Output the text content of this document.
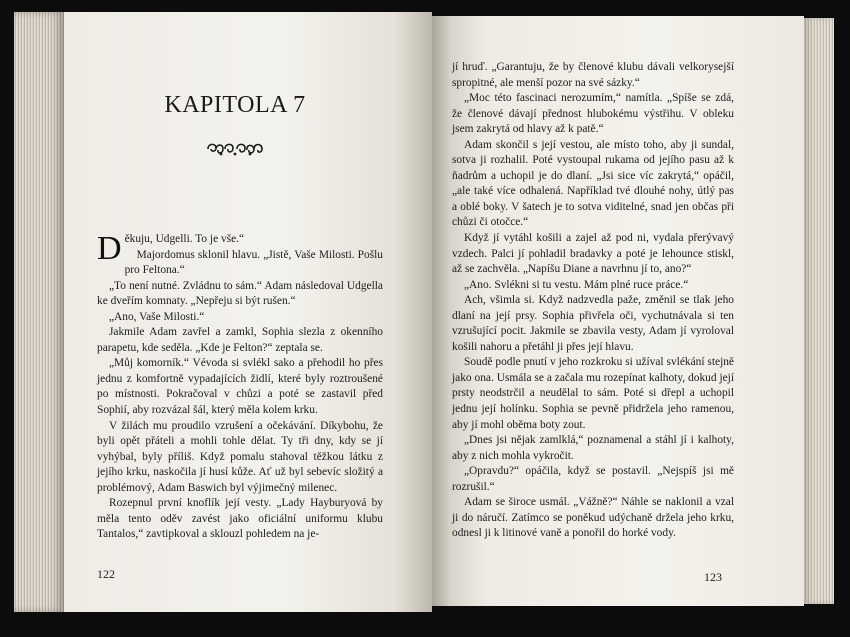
KAPITOLA 7

Děkuju, Udgelli. To je vše.“

Majordomus sklonil hlavu. „Jistě, Vaše Milosti. Pošlu pro Feltona.“

„To není nutné. Zvládnu to sám.“ Adam následoval Udgella ke dveřím komnaty. „Nepřeju si být rušen.“

„Ano, Vaše Milosti.“

Jakmile Adam zavřel a zamkl, Sophia slezla z okenního parapetu, kde seděla. „Kde je Felton?“ zeptala se.

„Můj komorník.“ Vévoda si svlékl sako a přehodil ho přes jednu z komfortně vypadajících židlí, které byly roztroušené po místnosti. Pokračoval v chůzi a poté se zastavil před Sophií, aby rozvázal šál, který měla kolem krku.

V žilách mu proudilo vzrušení a očekávání. Díkybohu, že byli opět přáteli a mohli tohle dělat. Ty tři dny, kdy se jí vyhýbal, byly příliš. Když pomalu stahoval těžkou látku z jejího krku, naskočila jí husí kůže. Ať už byl sebevíc složitý a problémový, Adam Baswich byl výjimečný milenec.

Rozepnul první knoflík její vesty. „Lady Hayburyová by měla tento oděv zavést jako oficiální uniformu klubu Tantalos,“ zavtipkoval a sklouzl pohledem na je-

122

jí hruď. „Garantuju, že by členové klubu dávali velkorysejší spropitné, ale menší pozor na své sázky.“

„Moc této fascinaci nerozumím,“ namítla. „Spíše se zdá, že členové dávají přednost hlubokému výstřihu. V obleku jsem zakrytá od hlavy až k patě.“

Adam skončil s její vestou, ale místo toho, aby ji sundal, sotva ji rozhalil. Poté vystoupal rukama od jejího pasu až k ňadrům a uchopil je do dlaní. „Jsi sice víc zakrytá,“ opáčil, „ale také více odhalená. Například tvé dlouhé nohy, útlý pas a oblé boky. V šatech je to sotva viditelné, snad jen občas při chůzi či otočce.“

Když jí vytáhl košili a zajel až pod ni, vydala přerývavý vzdech. Palci jí pohladil bradavky a poté je lehounce stiskl, až se zachvěla. „Napíšu Diane a navrhnu jí to, ano?“

„Ano. Svlékni si tu vestu. Mám plné ruce práce.“

Ach, všimla si. Když nadzvedla paže, změnil se tlak jeho dlaní na její prsy. Sophia přivřela oči, vychutnávala si ten vzrušující pocit. Jakmile se zbavila vesty, Adam jí vyroloval košili nahoru a přetáhl ji přes její hlavu.

Soudě podle pnutí v jeho rozkroku si užíval svlékání stejně jako ona. Usmála se a začala mu rozepínat kalhoty, dokud její prsty neodstrčil a neudělal to sám. Poté si dřepl a uchopil jednu její holínku. Sophia se pevně přidržela jeho ramenou, aby jí mohl oběma boty zout.

„Dnes jsi nějak zamlklá,“ poznamenal a stáhl jí i kalhoty, aby z nich mohla vykročit.

„Opravdu?“ opáčila, když se postavil. „Nejspíš jsi mě rozrušil.“

Adam se široce usmál. „Vážně?“ Náhle se naklonil a vzal ji do náručí. Zatímco se poněkud udýchaně držela jeho krku, odnesl ji k litinové vaně a ponořil do horké vody.

123
